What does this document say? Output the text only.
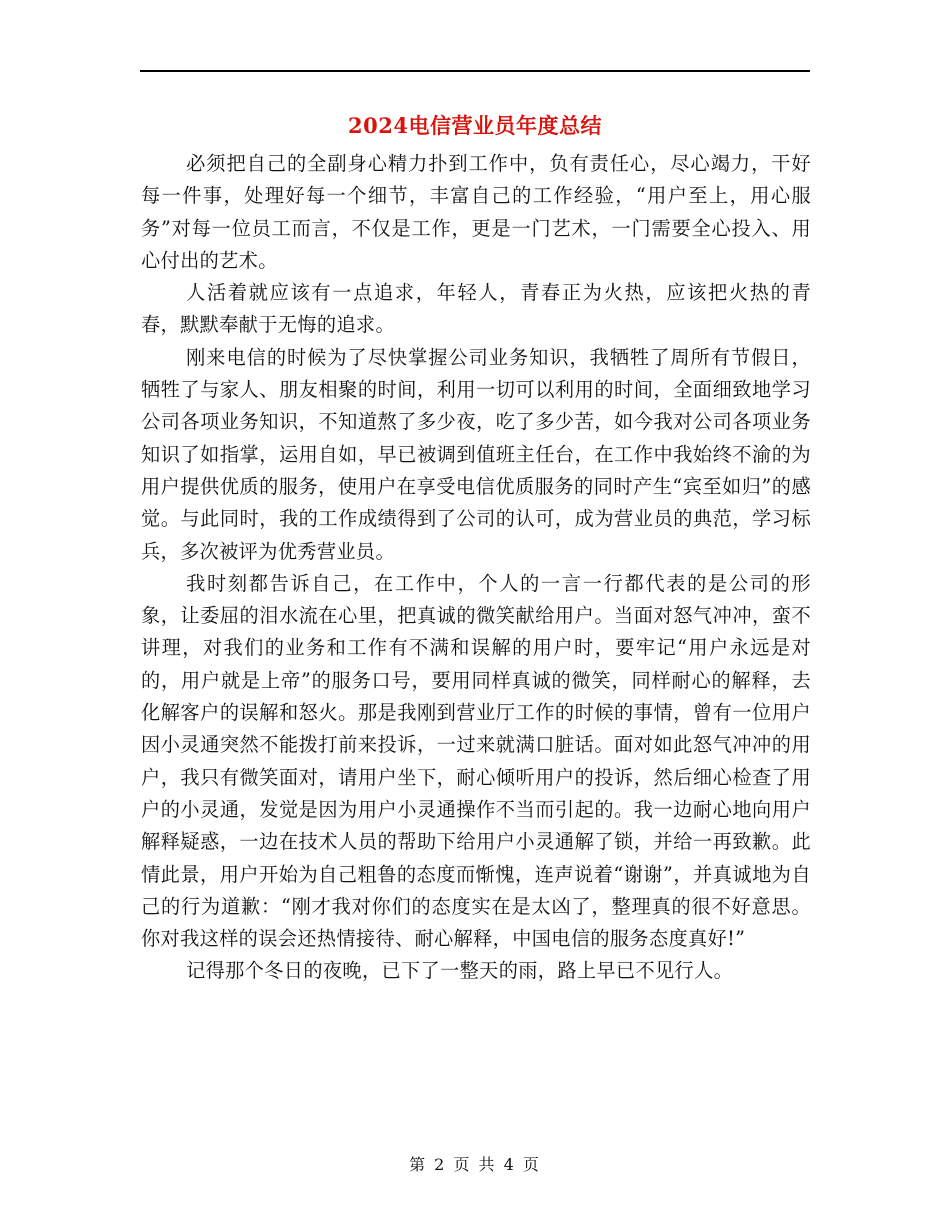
2024电信营业员年度总结

必须把自己的全副身心精力扑到工作中，负有责任心，尽心竭力，干好每一件事，处理好每一个细节，丰富自己的工作经验，“用户至上，用心服务”对每一位员工而言，不仅是工作，更是一门艺术，一门需要全心投入、用心付出的艺术。

人活着就应该有一点追求，年轻人，青春正为火热，应该把火热的青春，默默奉献于无悔的追求。

刚来电信的时候为了尽快掌握公司业务知识，我牺牲了周所有节假日，牺牲了与家人、朋友相聚的时间，利用一切可以利用的时间，全面细致地学习公司各项业务知识，不知道熬了多少夜，吃了多少苦，如今我对公司各项业务知识了如指掌，运用自如，早已被调到值班主任台，在工作中我始终不渝的为用户提供优质的服务，使用户在享受电信优质服务的同时产生“宾至如归”的感觉。与此同时，我的工作成绩得到了公司的认可，成为营业员的典范，学习标兵，多次被评为优秀营业员。

我时刻都告诉自己，在工作中，个人的一言一行都代表的是公司的形象，让委屈的泪水流在心里，把真诚的微笑献给用户。当面对怒气冲冲，蛮不讲理，对我们的业务和工作有不满和误解的用户时，要牢记“用户永远是对的，用户就是上帝”的服务口号，要用同样真诚的微笑，同样耐心的解释，去化解客户的误解和怒火。那是我刚到营业厅工作的时候的事情，曾有一位用户因小灵通突然不能拨打前来投诉，一过来就满口脏话。面对如此怒气冲冲的用户，我只有微笑面对，请用户坐下，耐心倾听用户的投诉，然后细心检查了用户的小灵通，发觉是因为用户小灵通操作不当而引起的。我一边耐心地向用户解释疑惑，一边在技术人员的帮助下给用户小灵通解了锁，并给一再致歉。此情此景，用户开始为自己粗鲁的态度而惭愧，连声说着“谢谢”，并真诚地为自己的行为道歉：“刚才我对你们的态度实在是太凶了，整理真的很不好意思。你对我这样的误会还热情接待、耐心解释，中国电信的服务态度真好!”

记得那个冬日的夜晚，已下了一整天的雨，路上早已不见行人。

第 2 页 共 4 页
